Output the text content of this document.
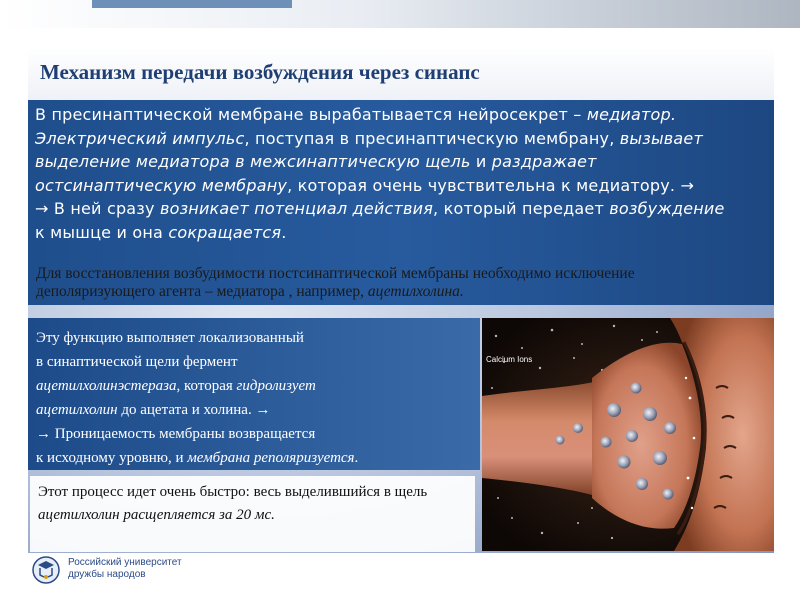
Механизм передачи возбуждения через синапс
В пресинаптической мембране вырабатывается нейросекрет – медиатор. Электрический импульс, поступая в пресинаптическую мембрану, вызывает выделение медиатора в межсинаптическую щель и раздражает остсинаптическую мембрану, которая очень чувствительна к медиатору. →
→ В ней сразу возникает потенциал действия, который передает возбуждение
к мышце и она сокращается.
Для восстановления возбудимости постсинаптической мембраны необходимо исключение деполяризующего агента – медиатора , например, ацетилхолина.
Эту функцию выполняет локализованный
в синаптической щели фермент
ацетилхолинэстераза, которая гидролизует
ацетилхолин до ацетата и холина. →
→ Проницаемость мембраны возвращается
к исходному уровню, и мембрана реполяризуется.
Этот процесс идет очень быстро: весь выделившийся в щель ацетилхолин расщепляется за 20 мс.
Calcium Ions
Российский университет
дружбы народов
